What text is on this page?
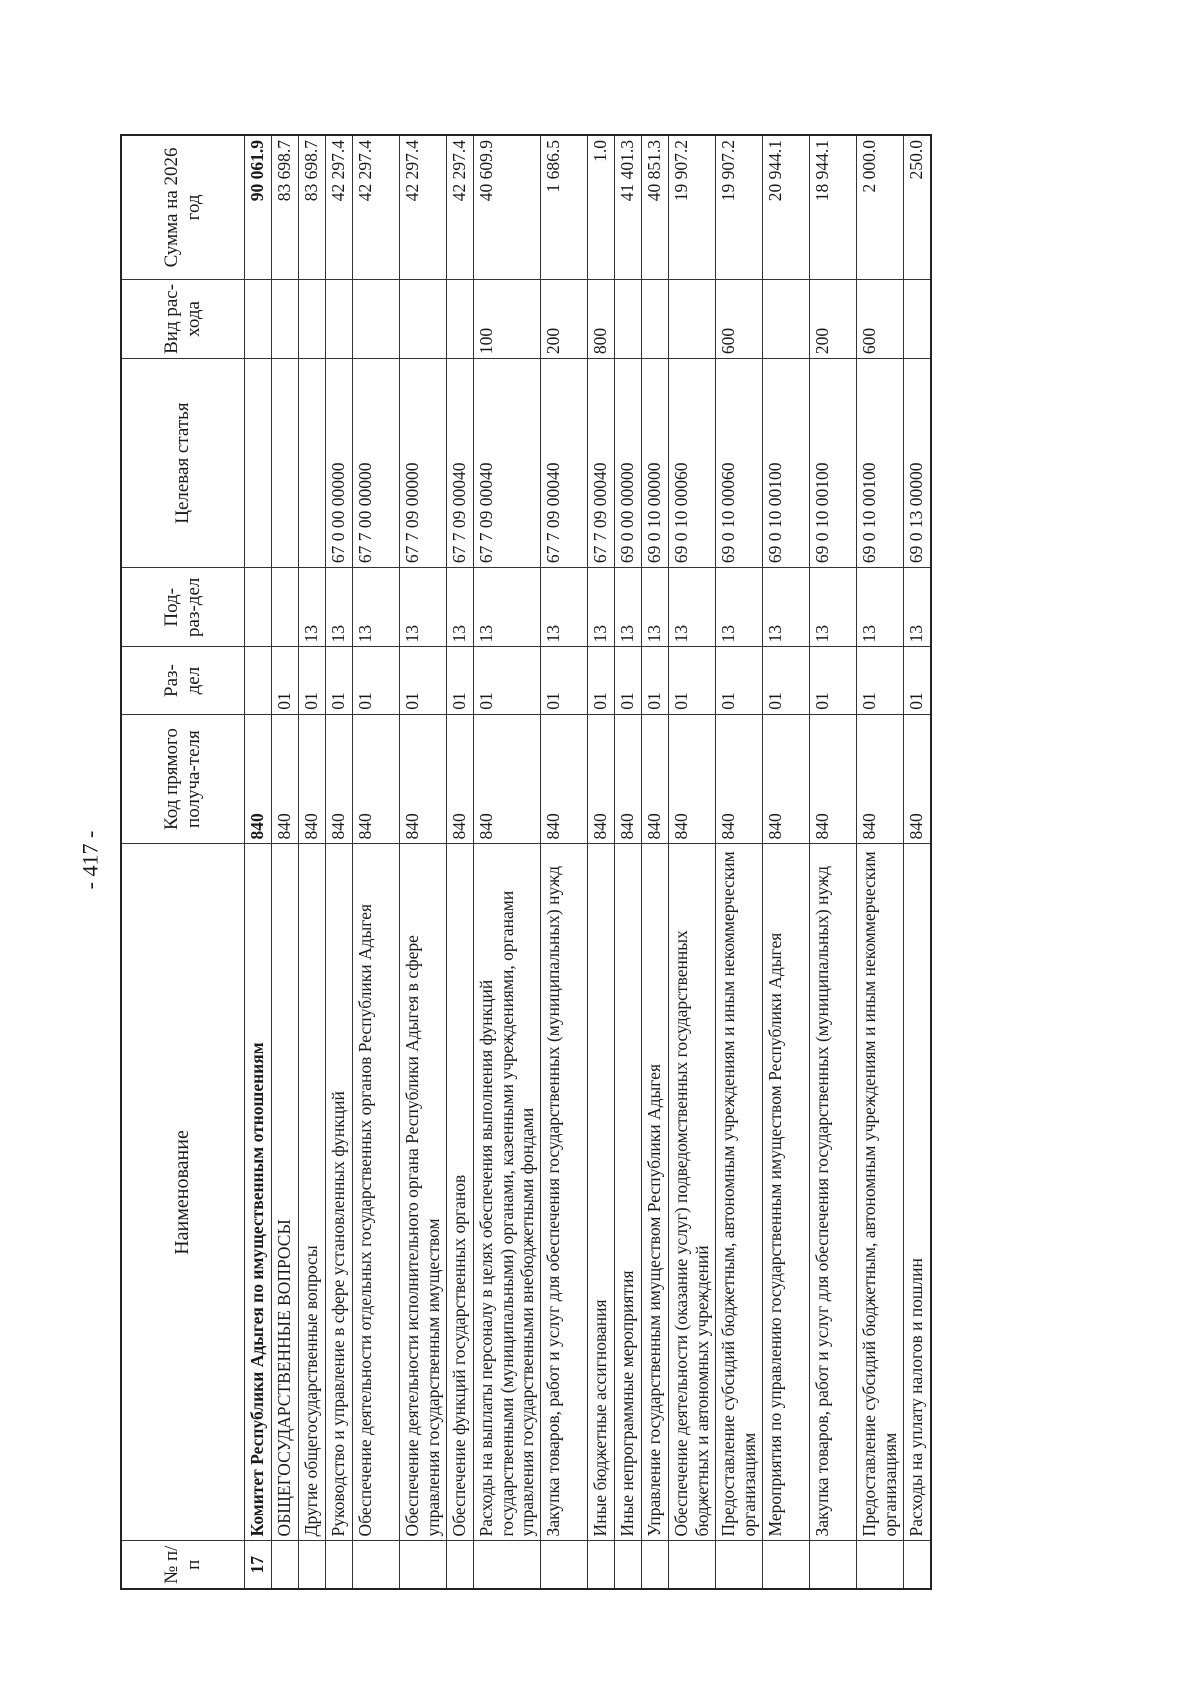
- 417 -
№ п/п	Наименование	Код прямого получа-теля	Раз-дел	Под-раз-дел	Целевая статья	Вид рас-хода	Сумма на 2026 год
17	Комитет Республики Адыгея по имущественным отношениям	840					90 061.9
	ОБЩЕГОСУДАРСТВЕННЫЕ ВОПРОСЫ	840	01				83 698.7
	Другие общегосударственные вопросы	840	01	13			83 698.7
	Руководство и управление в сфере установленных функций	840	01	13	67 0 00 00000		42 297.4
	Обеспечение деятельности отдельных государственных органов Республики Адыгея	840	01	13	67 7 00 00000		42 297.4
	Обеспечение деятельности исполнительного органа Республики Адыгея в сфере управления государственным имуществом	840	01	13	67 7 09 00000		42 297.4
	Обеспечение функций государственных органов	840	01	13	67 7 09 00040		42 297.4
	Расходы на выплаты персоналу в целях обеспечения выполнения функций государственными (муниципальными) органами, казенными учреждениями, органами управления государственными внебюджетными фондами	840	01	13	67 7 09 00040	100	40 609.9
	Закупка товаров, работ и услуг для обеспечения государственных (муниципальных) нужд	840	01	13	67 7 09 00040	200	1 686.5
	Иные бюджетные ассигнования	840	01	13	67 7 09 00040	800	1.0
	Иные непрограммные мероприятия	840	01	13	69 0 00 00000		41 401.3
	Управление государственным имуществом Республики Адыгея	840	01	13	69 0 10 00000		40 851.3
	Обеспечение деятельности (оказание услуг) подведомственных государственных бюджетных и автономных учреждений	840	01	13	69 0 10 00060		19 907.2
	Предоставление субсидий бюджетным, автономным учреждениям и иным некоммерческим организациям	840	01	13	69 0 10 00060	600	19 907.2
	Мероприятия по управлению государственным имуществом Республики Адыгея	840	01	13	69 0 10 00100		20 944.1
	Закупка товаров, работ и услуг для обеспечения государственных (муниципальных) нужд	840	01	13	69 0 10 00100	200	18 944.1
	Предоставление субсидий бюджетным, автономным учреждениям и иным некоммерческим организациям	840	01	13	69 0 10 00100	600	2 000.0
	Расходы на уплату налогов и пошлин	840	01	13	69 0 13 00000		250.0
